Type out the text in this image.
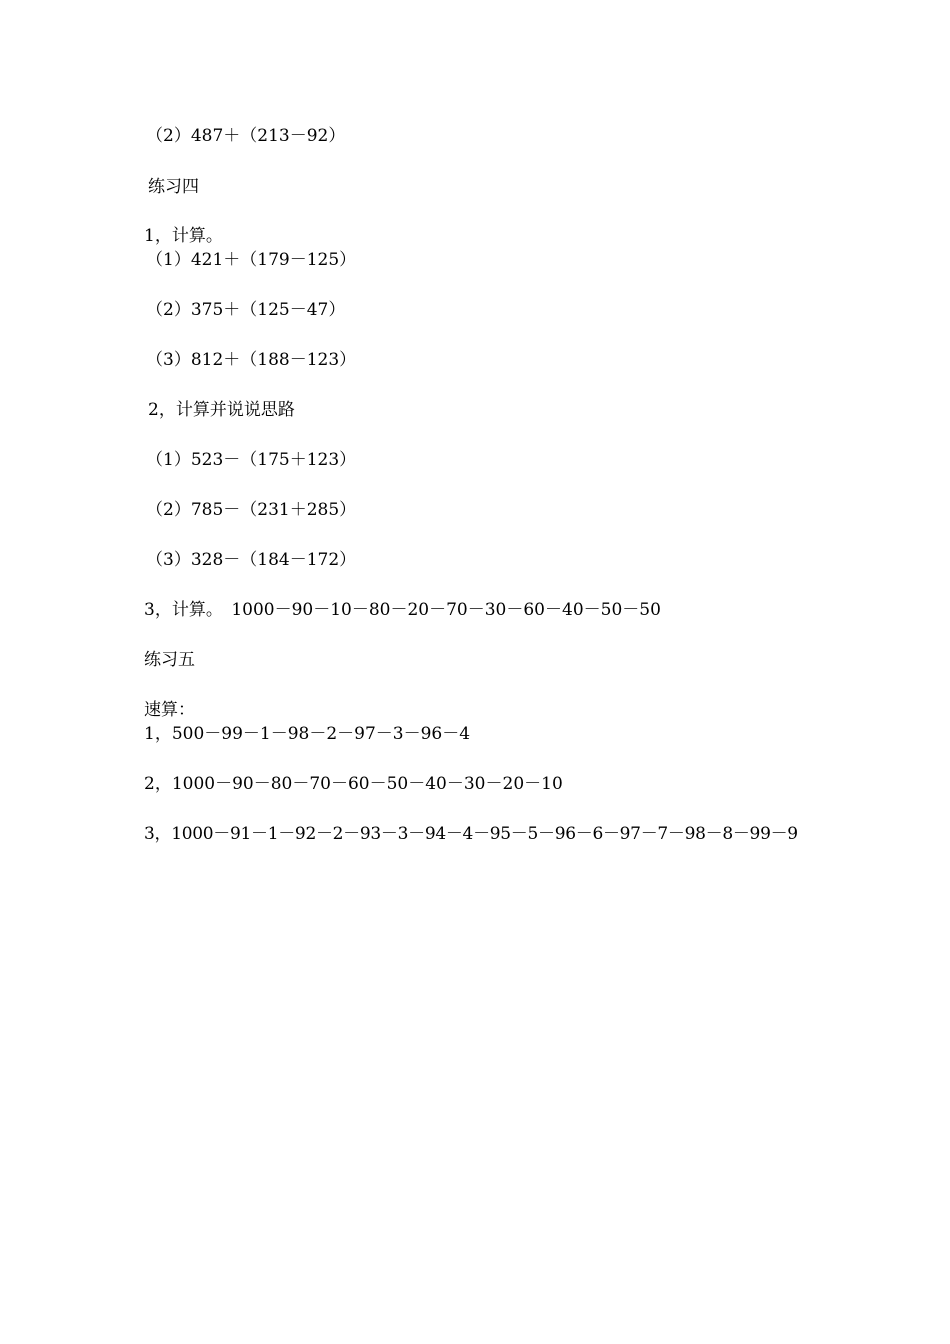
（2）487＋（213－92）
练习四
1，计算。
（1）421＋（179－125）
（2）375＋（125－47）
（3）812＋（188－123）
2，计算并说说思路
（1）523－（175＋123）
（2）785－（231＋285）
（3）328－（184－172）
3，计算。　1000－90－10－80－20－70－30－60－40－50－50
练习五
速算：
1，500－99－1－98－2－97－3－96－4
2，1000－90－80－70－60－50－40－30－20－10
3，1000－91－1－92－2－93－3－94－4－95－5－96－6－97－7－98－8－99－9
